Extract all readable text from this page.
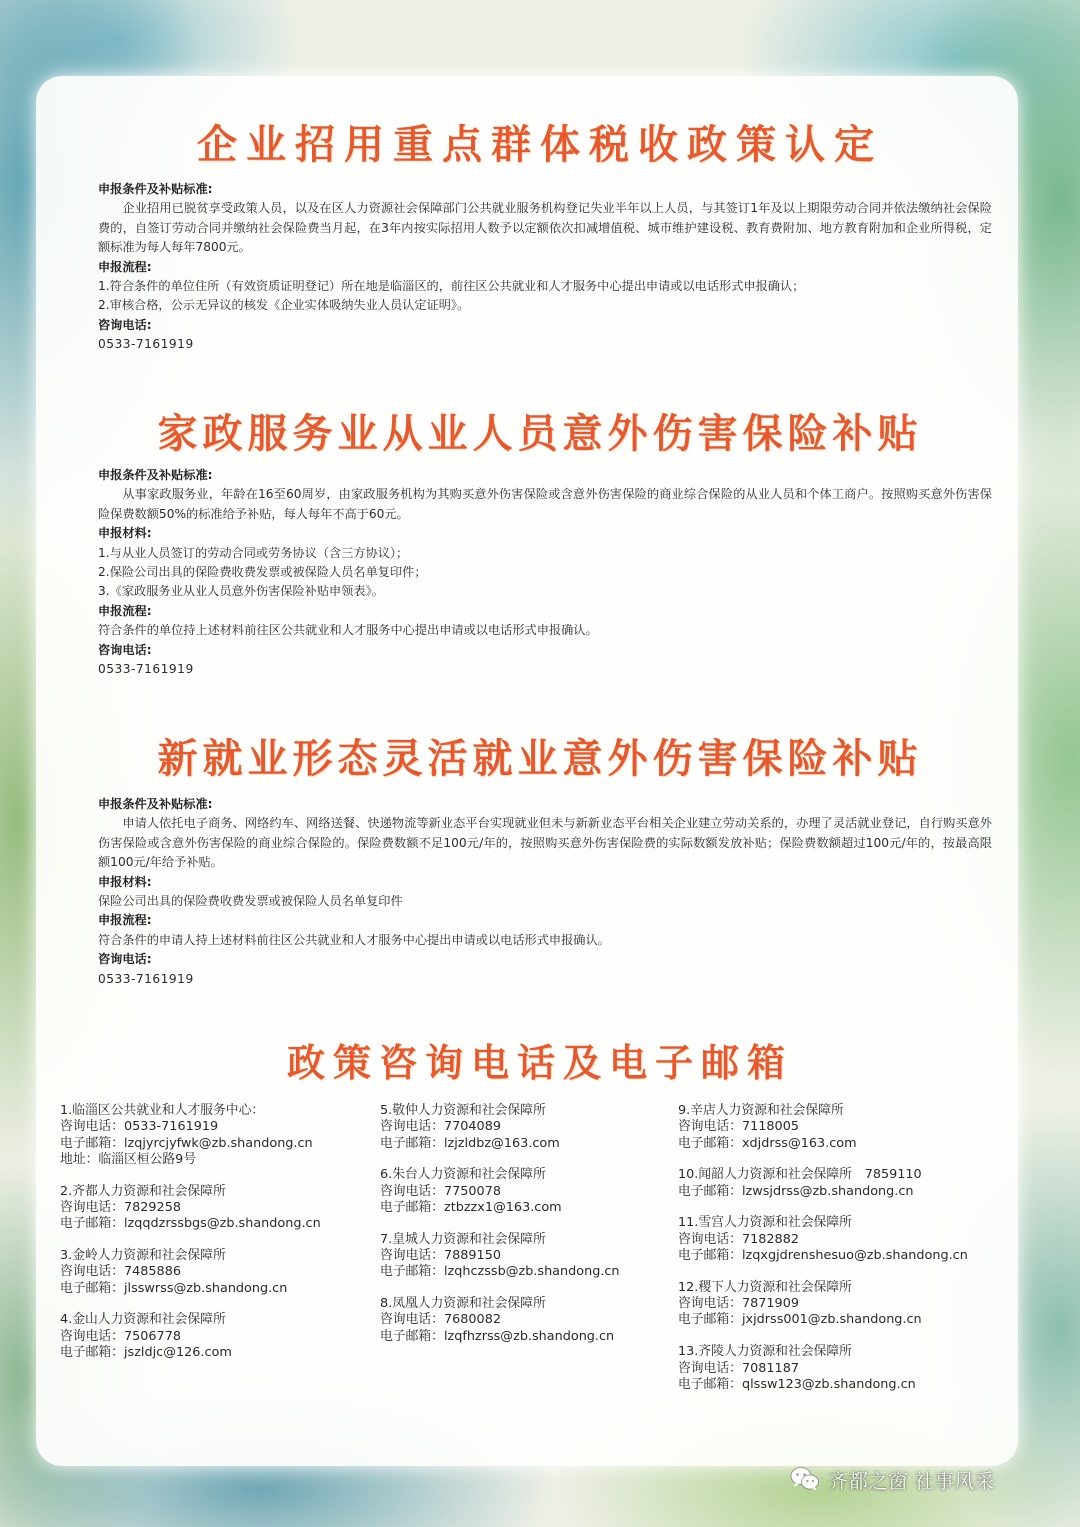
企业招用重点群体税收政策认定
申报条件及补贴标准:
企业招用已脱贫享受政策人员，以及在区人力资源社会保障部门公共就业服务机构登记失业半年以上人员，与其签订1年及以上期限劳动合同并依法缴纳社会保险费的，自签订劳动合同并缴纳社会保险费当月起，在3年内按实际招用人数予以定额依次扣减增值税、城市维护建设税、教育费附加、地方教育附加和企业所得税，定额标准为每人每年7800元。
申报流程:
1.符合条件的单位住所（有效资质证明登记）所在地是临淄区的，前往区公共就业和人才服务中心提出申请或以电话形式申报确认；
2.审核合格，公示无异议的核发《企业实体吸纳失业人员认定证明》。
咨询电话:
0533-7161919
家政服务业从业人员意外伤害保险补贴
申报条件及补贴标准:
从事家政服务业，年龄在16至60周岁，由家政服务机构为其购买意外伤害保险或含意外伤害保险的商业综合保险的从业人员和个体工商户。按照购买意外伤害保险保费数额50%的标准给予补贴，每人每年不高于60元。
申报材料:
1.与从业人员签订的劳动合同或劳务协议（含三方协议）；
2.保险公司出具的保险费收费发票或被保险人员名单复印件；
3.《家政服务业从业人员意外伤害保险补贴申领表》。
申报流程:
符合条件的单位持上述材料前往区公共就业和人才服务中心提出申请或以电话形式申报确认。
咨询电话:
0533-7161919
新就业形态灵活就业意外伤害保险补贴
申报条件及补贴标准:
申请人依托电子商务、网络约车、网络送餐、快递物流等新业态平台实现就业但未与新新业态平台相关企业建立劳动关系的，办理了灵活就业登记，自行购买意外伤害保险或含意外伤害保险的商业综合保险的。保险费数额不足100元/年的，按照购买意外伤害保险费的实际数额发放补贴；保险费数额超过100元/年的，按最高限额100元/年给予补贴。
申报材料:
保险公司出具的保险费收费发票或被保险人员名单复印件
申报流程:
符合条件的申请人持上述材料前往区公共就业和人才服务中心提出申请或以电话形式申报确认。
咨询电话:
0533-7161919
政策咨询电话及电子邮箱
1.临淄区公共就业和人才服务中心：
咨询电话：0533-7161919
电子邮箱：lzqjyrcjyfwk@zb.shandong.cn
地址：临淄区桓公路9号
2.齐都人力资源和社会保障所
咨询电话：7829258
电子邮箱：lzqqdzrssbgs@zb.shandong.cn
3.金岭人力资源和社会保障所
咨询电话：7485886
电子邮箱：jlsswrss@zb.shandong.cn
4.金山人力资源和社会保障所
咨询电话：7506778
电子邮箱：jszldjc@126.com
5.敬仲人力资源和社会保障所
咨询电话：7704089
电子邮箱：lzjzldbz@163.com
6.朱台人力资源和社会保障所
咨询电话：7750078
电子邮箱：ztbzzx1@163.com
7.皇城人力资源和社会保障所
咨询电话：7889150
电子邮箱：lzqhczssb@zb.shandong.cn
8.凤凰人力资源和社会保障所
咨询电话：7680082
电子邮箱：lzqfhzrss@zb.shandong.cn
9.辛店人力资源和社会保障所
咨询电话：7118005
电子邮箱：xdjdrss@163.com
10.闻韶人力资源和社会保障所　7859110
电子邮箱：lzwsjdrss@zb.shandong.cn
11.雪宫人力资源和社会保障所
咨询电话：7182882
电子邮箱：lzqxgjdrenshesuo@zb.shandong.cn
12.稷下人力资源和社会保障所
咨询电话：7871909
电子邮箱：jxjdrss001@zb.shandong.cn
13.齐陵人力资源和社会保障所
咨询电话：7081187
电子邮箱：qlssw123@zb.shandong.cn
齐都之窗 社事风采
